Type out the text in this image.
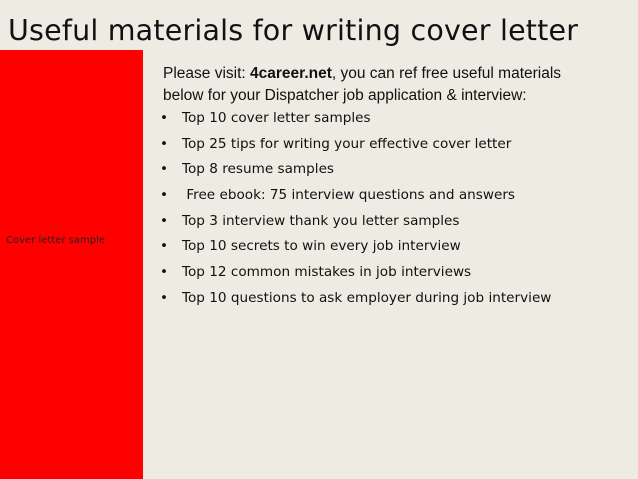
Useful materials for writing cover letter
Cover letter sample
Please visit: 4career.net, you can ref free useful materials
below for your Dispatcher job application & interview:
• Top 10 cover letter samples
• Top 25 tips for writing your effective cover letter
• Top 8 resume samples
• Free ebook: 75 interview questions and answers
• Top 3 interview thank you letter samples
• Top 10 secrets to win every job interview
• Top 12 common mistakes in job interviews
• Top 10 questions to ask employer during job interview
